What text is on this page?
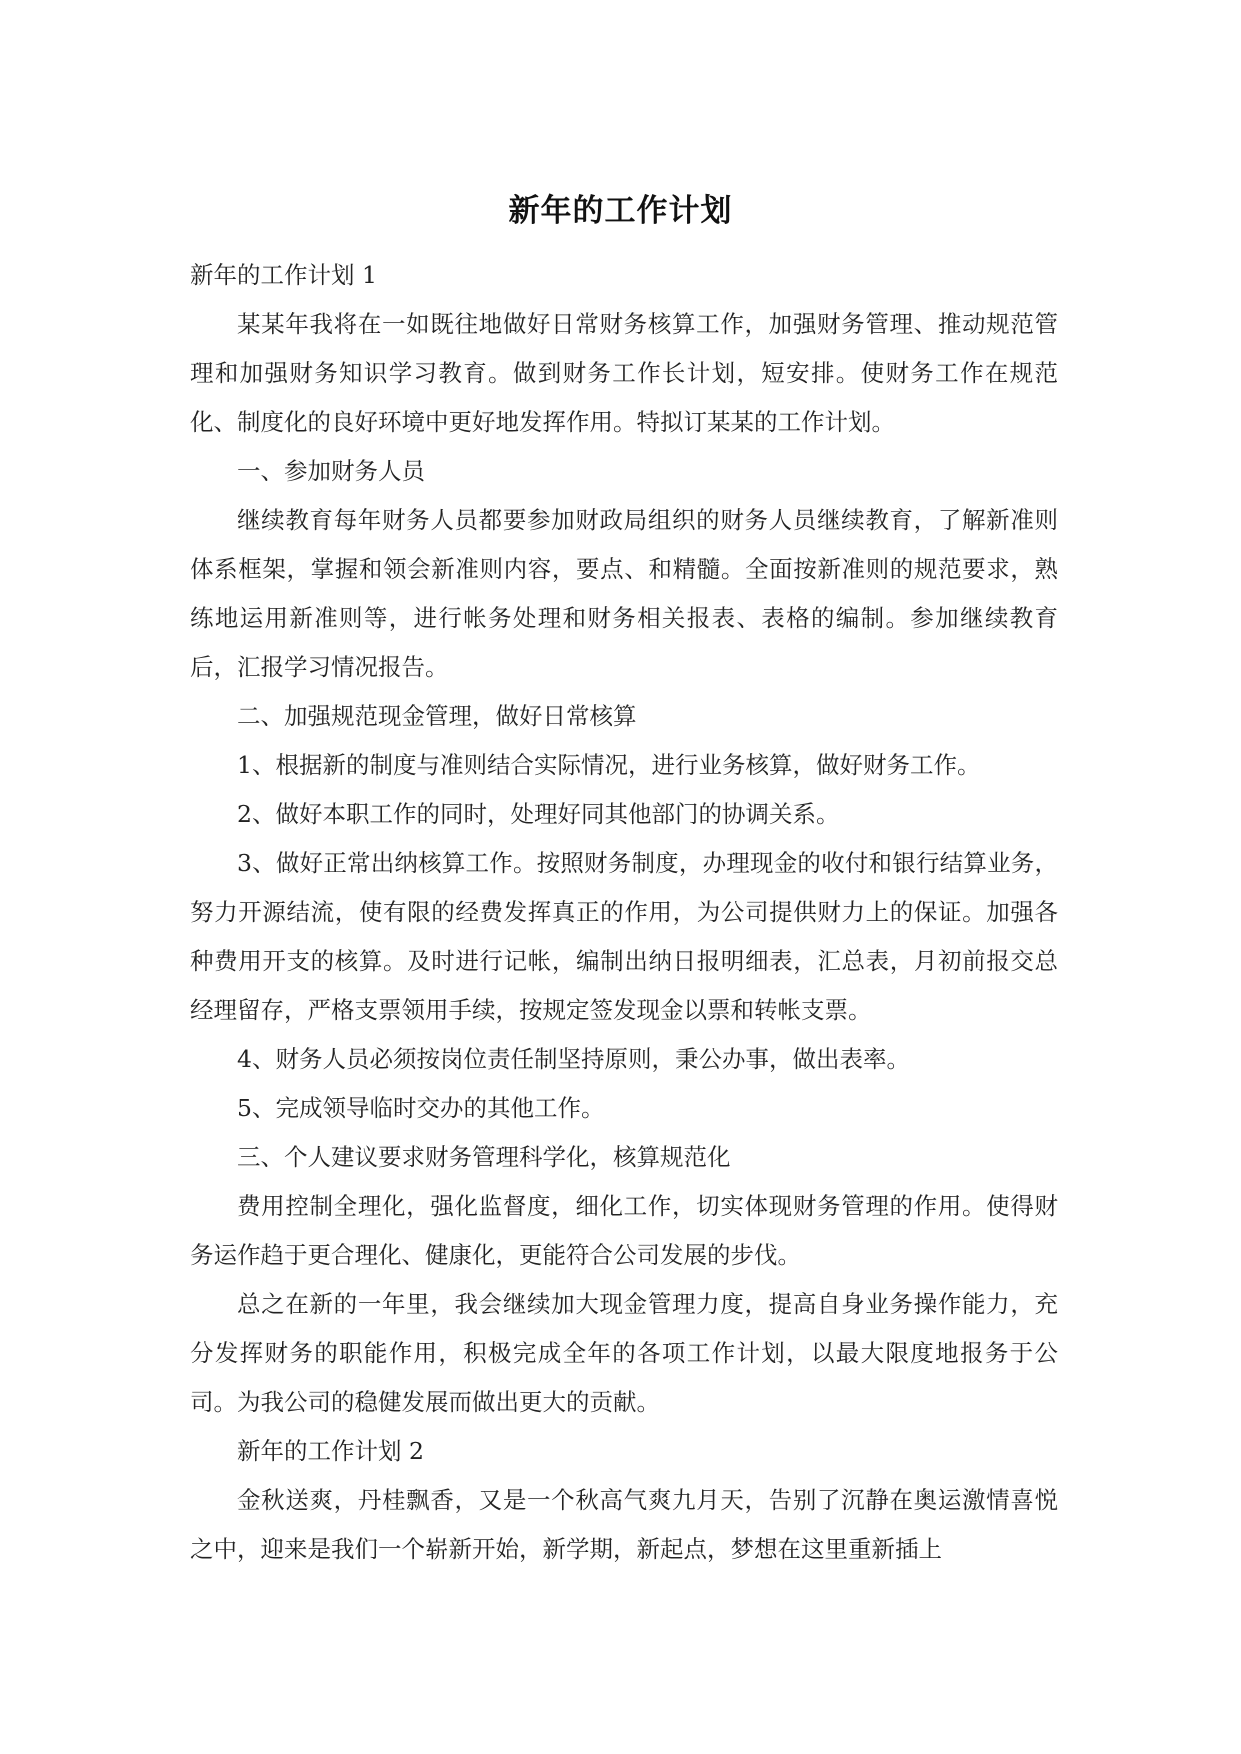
新年的工作计划

新年的工作计划 1

某某年我将在一如既往地做好日常财务核算工作，加强财务管理、推动规范管理和加强财务知识学习教育。做到财务工作长计划，短安排。使财务工作在规范化、制度化的良好环境中更好地发挥作用。特拟订某某的工作计划。

一、参加财务人员

继续教育每年财务人员都要参加财政局组织的财务人员继续教育，了解新准则体系框架，掌握和领会新准则内容，要点、和精髓。全面按新准则的规范要求，熟练地运用新准则等，进行帐务处理和财务相关报表、表格的编制。参加继续教育后，汇报学习情况报告。

二、加强规范现金管理，做好日常核算

1、根据新的制度与准则结合实际情况，进行业务核算，做好财务工作。

2、做好本职工作的同时，处理好同其他部门的协调关系。

3、做好正常出纳核算工作。按照财务制度，办理现金的收付和银行结算业务，努力开源结流，使有限的经费发挥真正的作用，为公司提供财力上的保证。加强各种费用开支的核算。及时进行记帐，编制出纳日报明细表，汇总表，月初前报交总经理留存，严格支票领用手续，按规定签发现金以票和转帐支票。

4、财务人员必须按岗位责任制坚持原则，秉公办事，做出表率。

5、完成领导临时交办的其他工作。

三、个人建议要求财务管理科学化，核算规范化

费用控制全理化，强化监督度，细化工作，切实体现财务管理的作用。使得财务运作趋于更合理化、健康化，更能符合公司发展的步伐。

总之在新的一年里，我会继续加大现金管理力度，提高自身业务操作能力，充分发挥财务的职能作用，积极完成全年的各项工作计划，以最大限度地报务于公司。为我公司的稳健发展而做出更大的贡献。

新年的工作计划 2

金秋送爽，丹桂飘香，又是一个秋高气爽九月天，告别了沉静在奥运激情喜悦之中，迎来是我们一个崭新开始，新学期，新起点，梦想在这里重新插上
